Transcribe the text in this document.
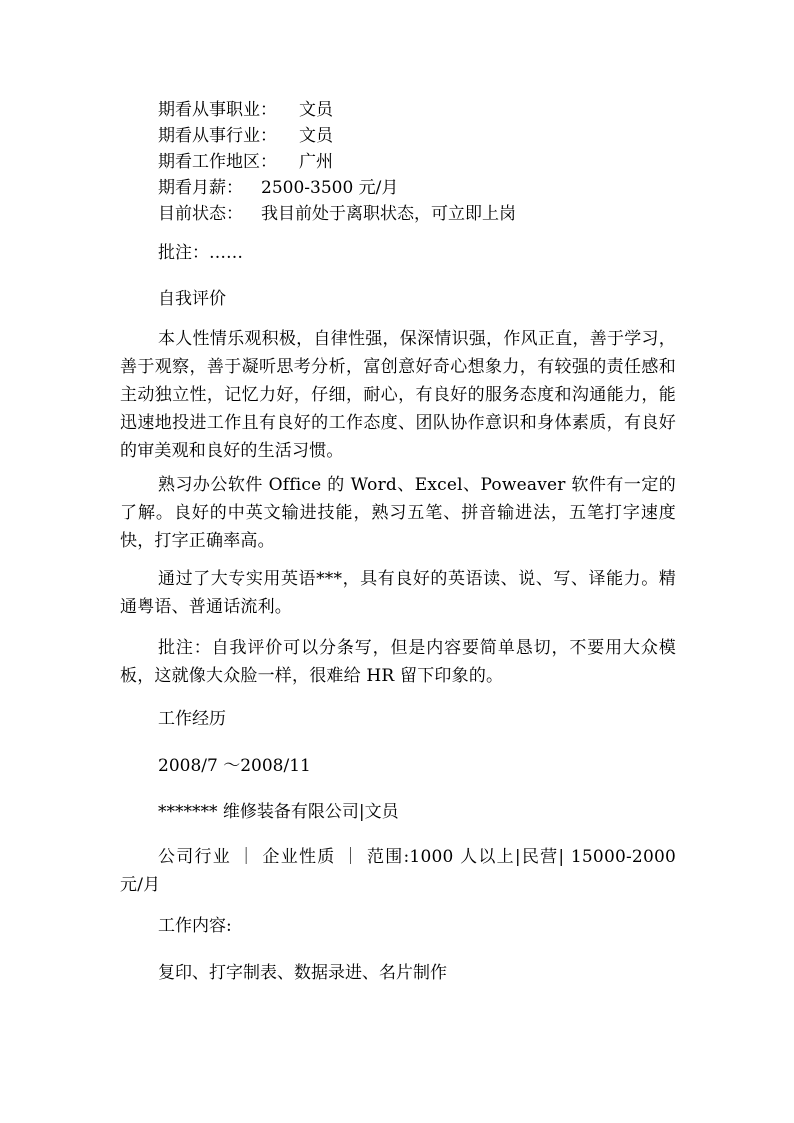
期看从事职业： 文员
期看从事行业： 文员
期看工作地区： 广州
期看月薪： 2500-3500 元/月
目前状态： 我目前处于离职状态，可立即上岗
批注：……
自我评价
本人性情乐观积极，自律性强，保深情识强，作风正直，善于学习，善于观察，善于凝听思考分析，富创意好奇心想象力，有较强的责任感和主动独立性，记忆力好，仔细，耐心，有良好的服务态度和沟通能力，能迅速地投进工作且有良好的工作态度、团队协作意识和身体素质，有良好的审美观和良好的生活习惯。
熟习办公软件 Office 的 Word、Excel、Poweaver 软件有一定的了解。良好的中英文输进技能，熟习五笔、拼音输进法，五笔打字速度快，打字正确率高。
通过了大专实用英语***，具有良好的英语读、说、写、译能力。精通粤语、普通话流利。
批注：自我评价可以分条写，但是内容要简单恳切，不要用大众模板，这就像大众脸一样，很难给 HR 留下印象的。
工作经历
2008/7 ～2008/11
******* 维修装备有限公司|文员
公司行业 ｜ 企业性质 ｜ 范围:1000 人以上|民营| 15000-2000 元/月
工作内容:
复印、打字制表、数据录进、名片制作
